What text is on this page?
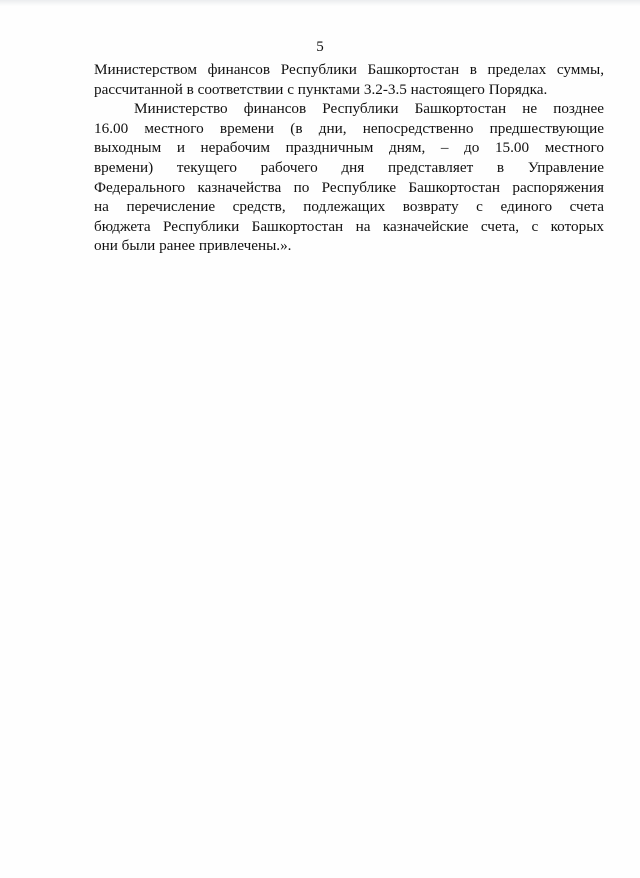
5
Министерством финансов Республики Башкортостан в пределах суммы,
рассчитанной в соответствии с пунктами 3.2-3.5 настоящего Порядка.
Министерство финансов Республики Башкортостан не позднее
16.00 местного времени (в дни, непосредственно предшествующие
выходным и нерабочим праздничным дням, – до 15.00 местного
времени) текущего рабочего дня представляет в Управление
Федерального казначейства по Республике Башкортостан распоряжения
на перечисление средств, подлежащих возврату с единого счета
бюджета Республики Башкортостан на казначейские счета, с которых
они были ранее привлечены.».
